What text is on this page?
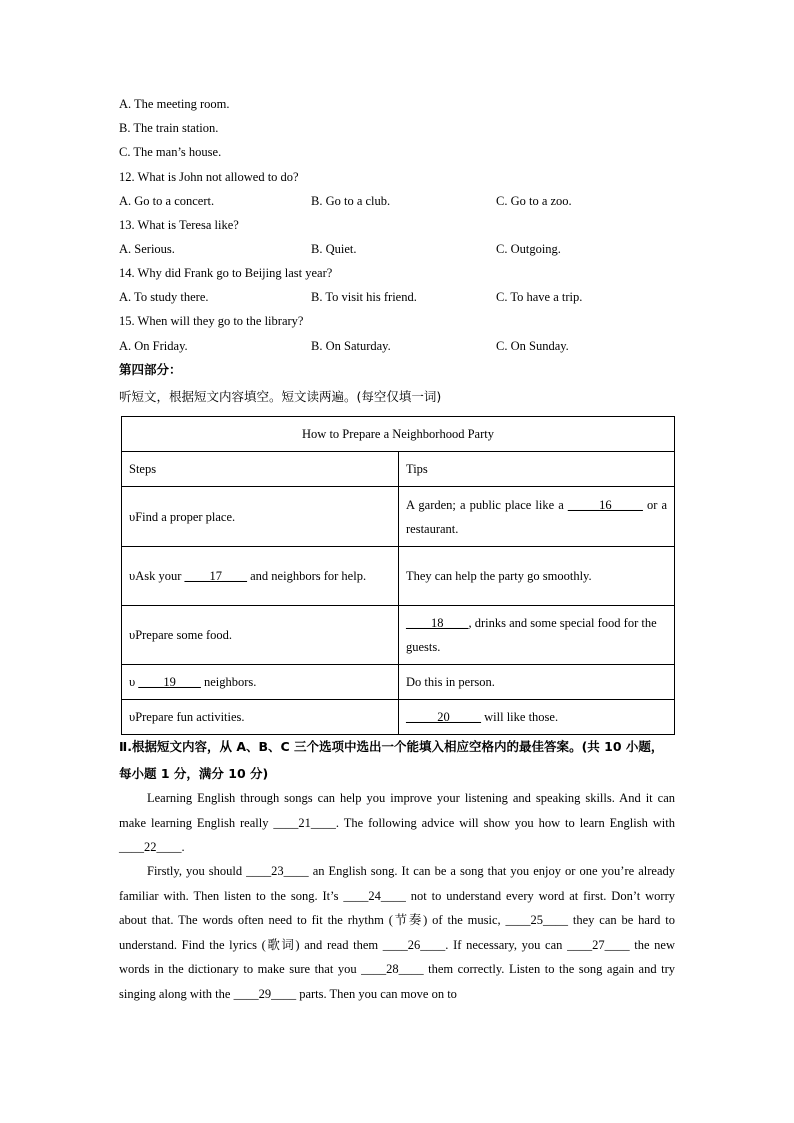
A. The meeting room.
B. The train station.
C. The man’s house.
12. What is John not allowed to do?
A. Go to a concert.	B. Go to a club.	C. Go to a zoo.
13. What is Teresa like?
A. Serious.	B. Quiet.	C. Outgoing.
14. Why did Frank go to Beijing last year?
A. To study there.	B. To visit his friend.	C. To have a trip.
15. When will they go to the library?
A. On Friday.	B. On Saturday.	C. On Sunday.
第四部分：
听短文，根据短文内容填空。短文读两遍。(每空仅填一词)
How to Prepare a Neighborhood Party	
Steps	Tips
υFind a proper place.	A garden; a public place like a _____16_____ or a restaurant.
υAsk your ____17____ and neighbors for help.	They can help the party go smoothly.
υPrepare some food.	____18____, drinks and some special food for the guests.
υ ____19____ neighbors.	Do this in person.
υPrepare fun activities.	_____20_____ will like those.
Ⅱ.根据短文内容，从 A、B、C 三个选项中选出一个能填入相应空格内的最佳答案。(共 10 小题，每小题 1 分，满分 10 分)
Learning English through songs can help you improve your listening and speaking skills. And it can make learning English really ____21____. The following advice will show you how to learn English with ____22____.
Firstly, you should ____23____ an English song. It can be a song that you enjoy or one you’re already familiar with. Then listen to the song. It’s ____24____ not to understand every word at first. Don’t worry about that. The words often need to fit the rhythm (节奏) of the music, ____25____ they can be hard to understand. Find the lyrics (歌词) and read them ____26____. If necessary, you can ____27____ the new words in the dictionary to make sure that you ____28____ them correctly. Listen to the song again and try singing along with the ____29____ parts. Then you can move on to
